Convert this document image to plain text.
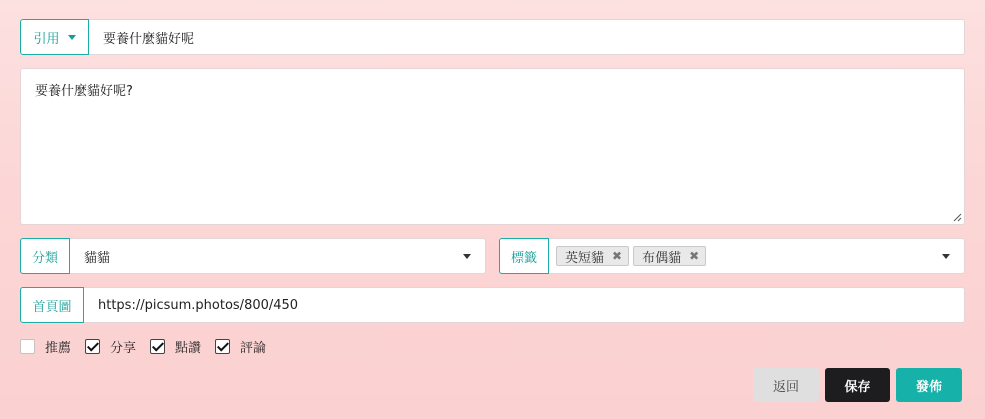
引用	要養什麼貓好呢
要養什麼貓好呢?
分類 貓貓	標籤 英短貓 ✖ 布偶貓 ✖
首頁圖 https://picsum.photos/800/450
推薦	分享	點讚	評論
返回	保存	發佈
